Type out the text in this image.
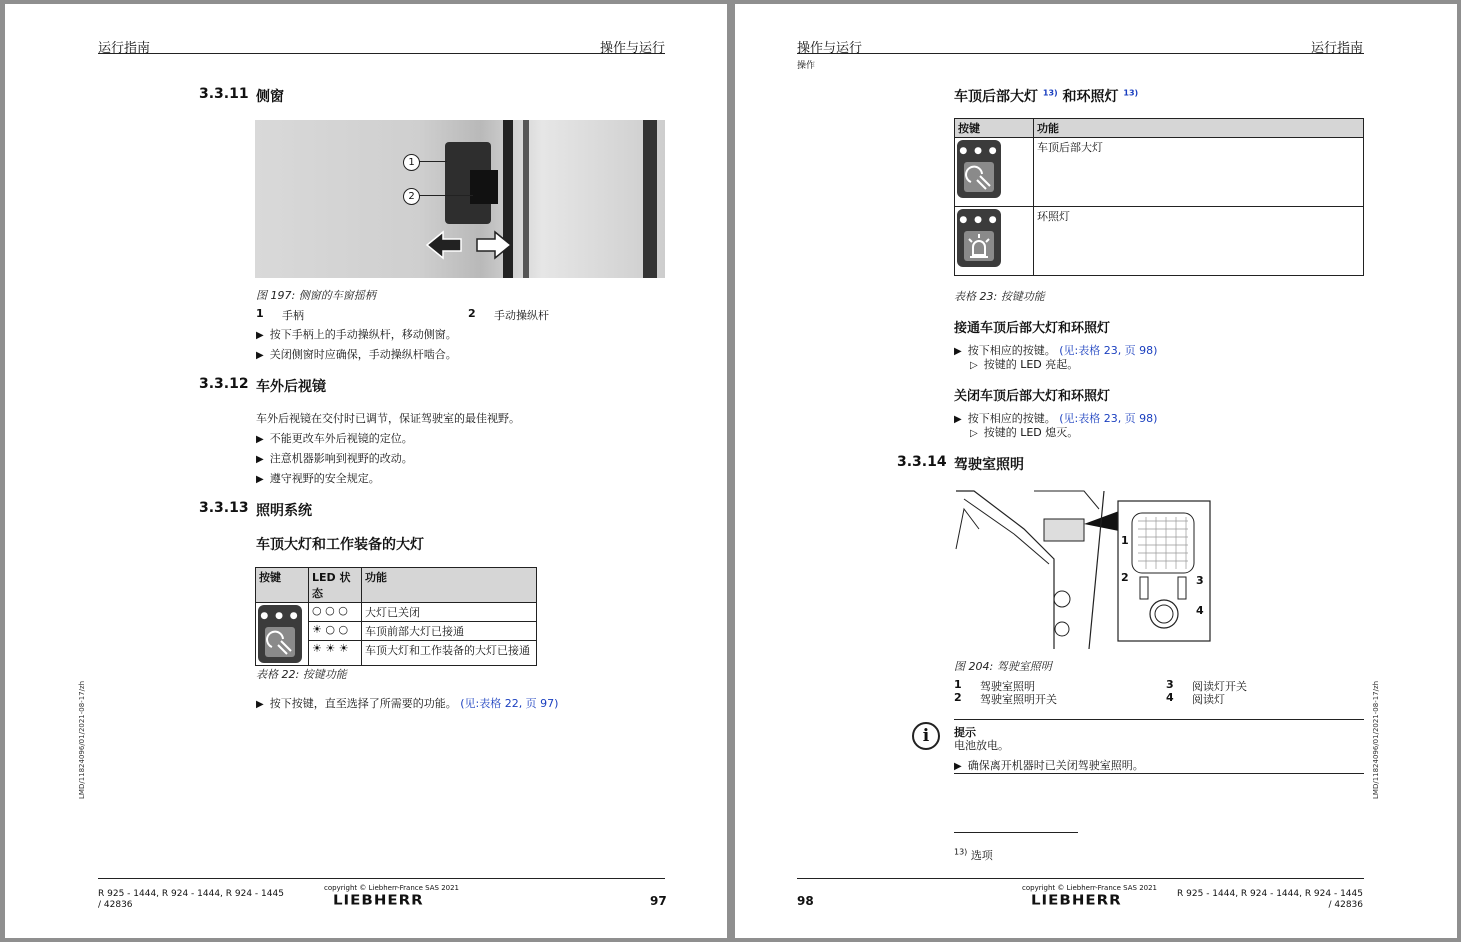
运行指南	操作与运行
3.3.11 侧窗
1
2
图 197: 侧窗的车窗摇柄
1 手柄	2 手动操纵杆
▶ 按下手柄上的手动操纵杆，移动侧窗。
▶ 关闭侧窗时应确保，手动操纵杆啮合。
3.3.12 车外后视镜
车外后视镜在交付时已调节，保证驾驶室的最佳视野。
▶ 不能更改车外后视镜的定位。
▶ 注意机器影响到视野的改动。
▶ 遵守视野的安全规定。
3.3.13 照明系统
车顶大灯和工作装备的大灯
按键	LED 状态	功能

● ● ●	○ ○ ○	大灯已关闭
	☀ ○ ○	车顶前部大灯已接通
	☀ ☀ ☀	车顶大灯和工作装备的大灯已接通
表格 22: 按键功能
▶ 按下按键，直至选择了所需要的功能。 (见:表格 22, 页 97)
LMD/11824096/01/2021-08-17/zh
R 925 - 1444, R 924 - 1444, R 924 - 1445
/ 42836
copyright © Liebherr-France SAS 2021
LIEBHERR	97
操作与运行
操作
运行指南
车顶后部大灯 $^{13)}$ 和环照灯 $^{13)}$
按键	功能

● ● ●	车顶后部大灯

● ● ●	环照灯
表格 23: 按键功能
接通车顶后部大灯和环照灯
▶ 按下相应的按键。 (见:表格 23, 页 98)
▷ 按键的 LED 亮起。
关闭车顶后部大灯和环照灯
▶ 按下相应的按键。 (见:表格 23, 页 98)
▷ 按键的 LED 熄灭。
3.3.14 驾驶室照明
1
2	3
4
图 204: 驾驶室照明
1 驾驶室照明	3 阅读灯开关
2 驾驶室照明开关	4 阅读灯
i	提示
电池放电。
▶ 确保离开机器时已关闭驾驶室照明。
$^{13)}$ 选项
LMD/11824096/01/2021-08-17/zh
98
copyright © Liebherr-France SAS 2021
LIEBHERR	R 925 - 1444, R 924 - 1444, R 924 - 1445
/ 42836
